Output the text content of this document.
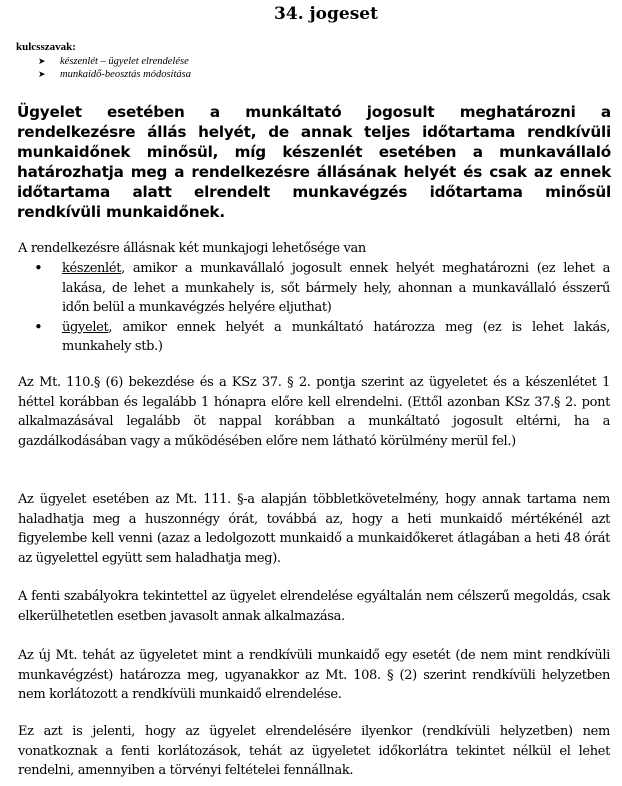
34. jogeset
kulcsszavak:
➤ készenlét – ügyelet elrendelése
➤ munkaidő-beosztás módosítása
Ügyelet esetében a munkáltató jogosult meghatározni a rendelkezésre állás helyét, de annak teljes időtartama rendkívüli munkaidőnek minősül, míg készenlét esetében a munkavállaló határozhatja meg a rendelkezésre állásának helyét és csak az ennek időtartama alatt elrendelt munkavégzés időtartama minősül rendkívüli munkaidőnek.

A rendelkezésre állásnak két munkajogi lehetősége van

• készenlét, amikor a munkavállaló jogosult ennek helyét meghatározni (ez lehet a lakása, de lehet a munkahely is, sőt bármely hely, ahonnan a munkavállaló ésszerű időn belül a munkavégzés helyére eljuthat)
• ügyelet, amikor ennek helyét a munkáltató határozza meg (ez is lehet lakás, munkahely stb.)

Az Mt. 110.§ (6) bekezdése és a KSz 37. § 2. pontja szerint az ügyeletet és a készenlétet 1 héttel korábban és legalább 1 hónapra előre kell elrendelni. (Ettől azonban KSz 37.§ 2. pont alkalmazásával legalább öt nappal korábban a munkáltató jogosult eltérni, ha a gazdálkodásában vagy a működésében előre nem látható körülmény merül fel.)

Az ügyelet esetében az Mt. 111. §-a alapján többletkövetelmény, hogy annak tartama nem haladhatja meg a huszonnégy órát, továbbá az, hogy a heti munkaidő mértékénél azt figyelembe kell venni (azaz a ledolgozott munkaidő a munkaidőkeret átlagában a heti 48 órát az ügyelettel együtt sem haladhatja meg).

A fenti szabályokra tekintettel az ügyelet elrendelése egyáltalán nem célszerű megoldás, csak elkerülhetetlen esetben javasolt annak alkalmazása.

Az új Mt. tehát az ügyeletet mint a rendkívüli munkaidő egy esetét (de nem mint rendkívüli munkavégzést) határozza meg, ugyanakkor az Mt. 108. § (2) szerint rendkívüli helyzetben nem korlátozott a rendkívüli munkaidő elrendelése.

Ez azt is jelenti, hogy az ügyelet elrendelésére ilyenkor (rendkívüli helyzetben) nem vonatkoznak a fenti korlátozások, tehát az ügyeletet időkorlátra tekintet nélkül el lehet rendelni, amennyiben a törvényi feltételei fennállnak.
